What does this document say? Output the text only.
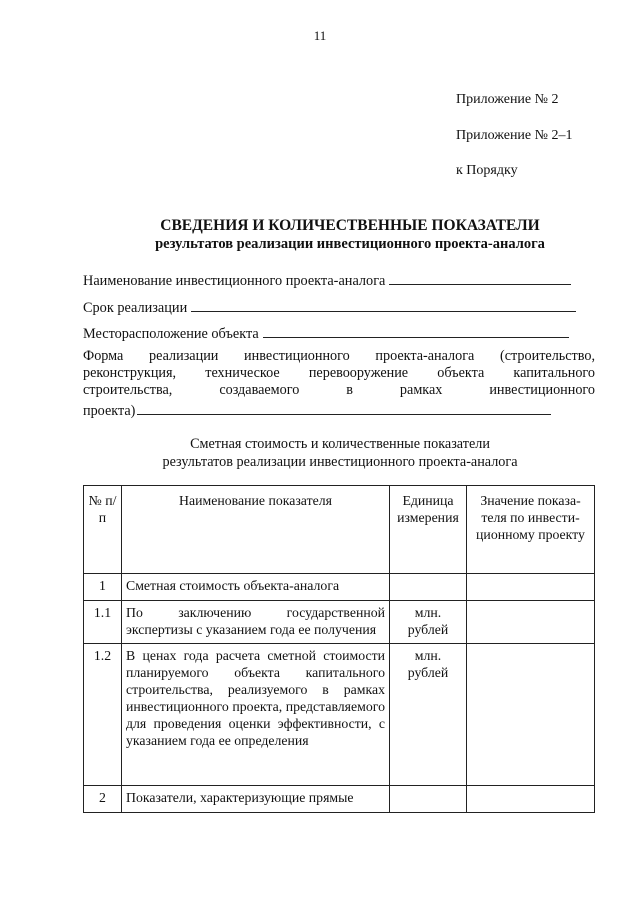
11
Приложение № 2
Приложение № 2–1
к Порядку
СВЕДЕНИЯ И КОЛИЧЕСТВЕННЫЕ ПОКАЗАТЕЛИ
результатов реализации инвестиционного проекта-аналога
Наименование инвестиционного проекта-аналога
Срок реализации
Месторасположение объекта
Форма реализации инвестиционного проекта-аналога (строительство,
реконструкция, техническое перевооружение объекта капитального
строительства, создаваемого в рамках инвестиционного
проекта)
Сметная стоимость и количественные показатели
результатов реализации инвестиционного проекта-аналога
№ п/п	Наименование показателя	Единица измерения	Значение показа-теля по инвести-ционному проекту
1	Сметная стоимость объекта-аналога		
1.1	По заключению государственной экспертизы с указанием года ее получения	млн. рублей	
1.2	В ценах года расчета сметной стоимости планируемого объекта капитального строительства, реализуемого в рамках инвестиционного проекта, представляемого для проведения оценки эффективности, с указанием года ее определения	млн. рублей	
2	Показатели, характеризующие прямые		
